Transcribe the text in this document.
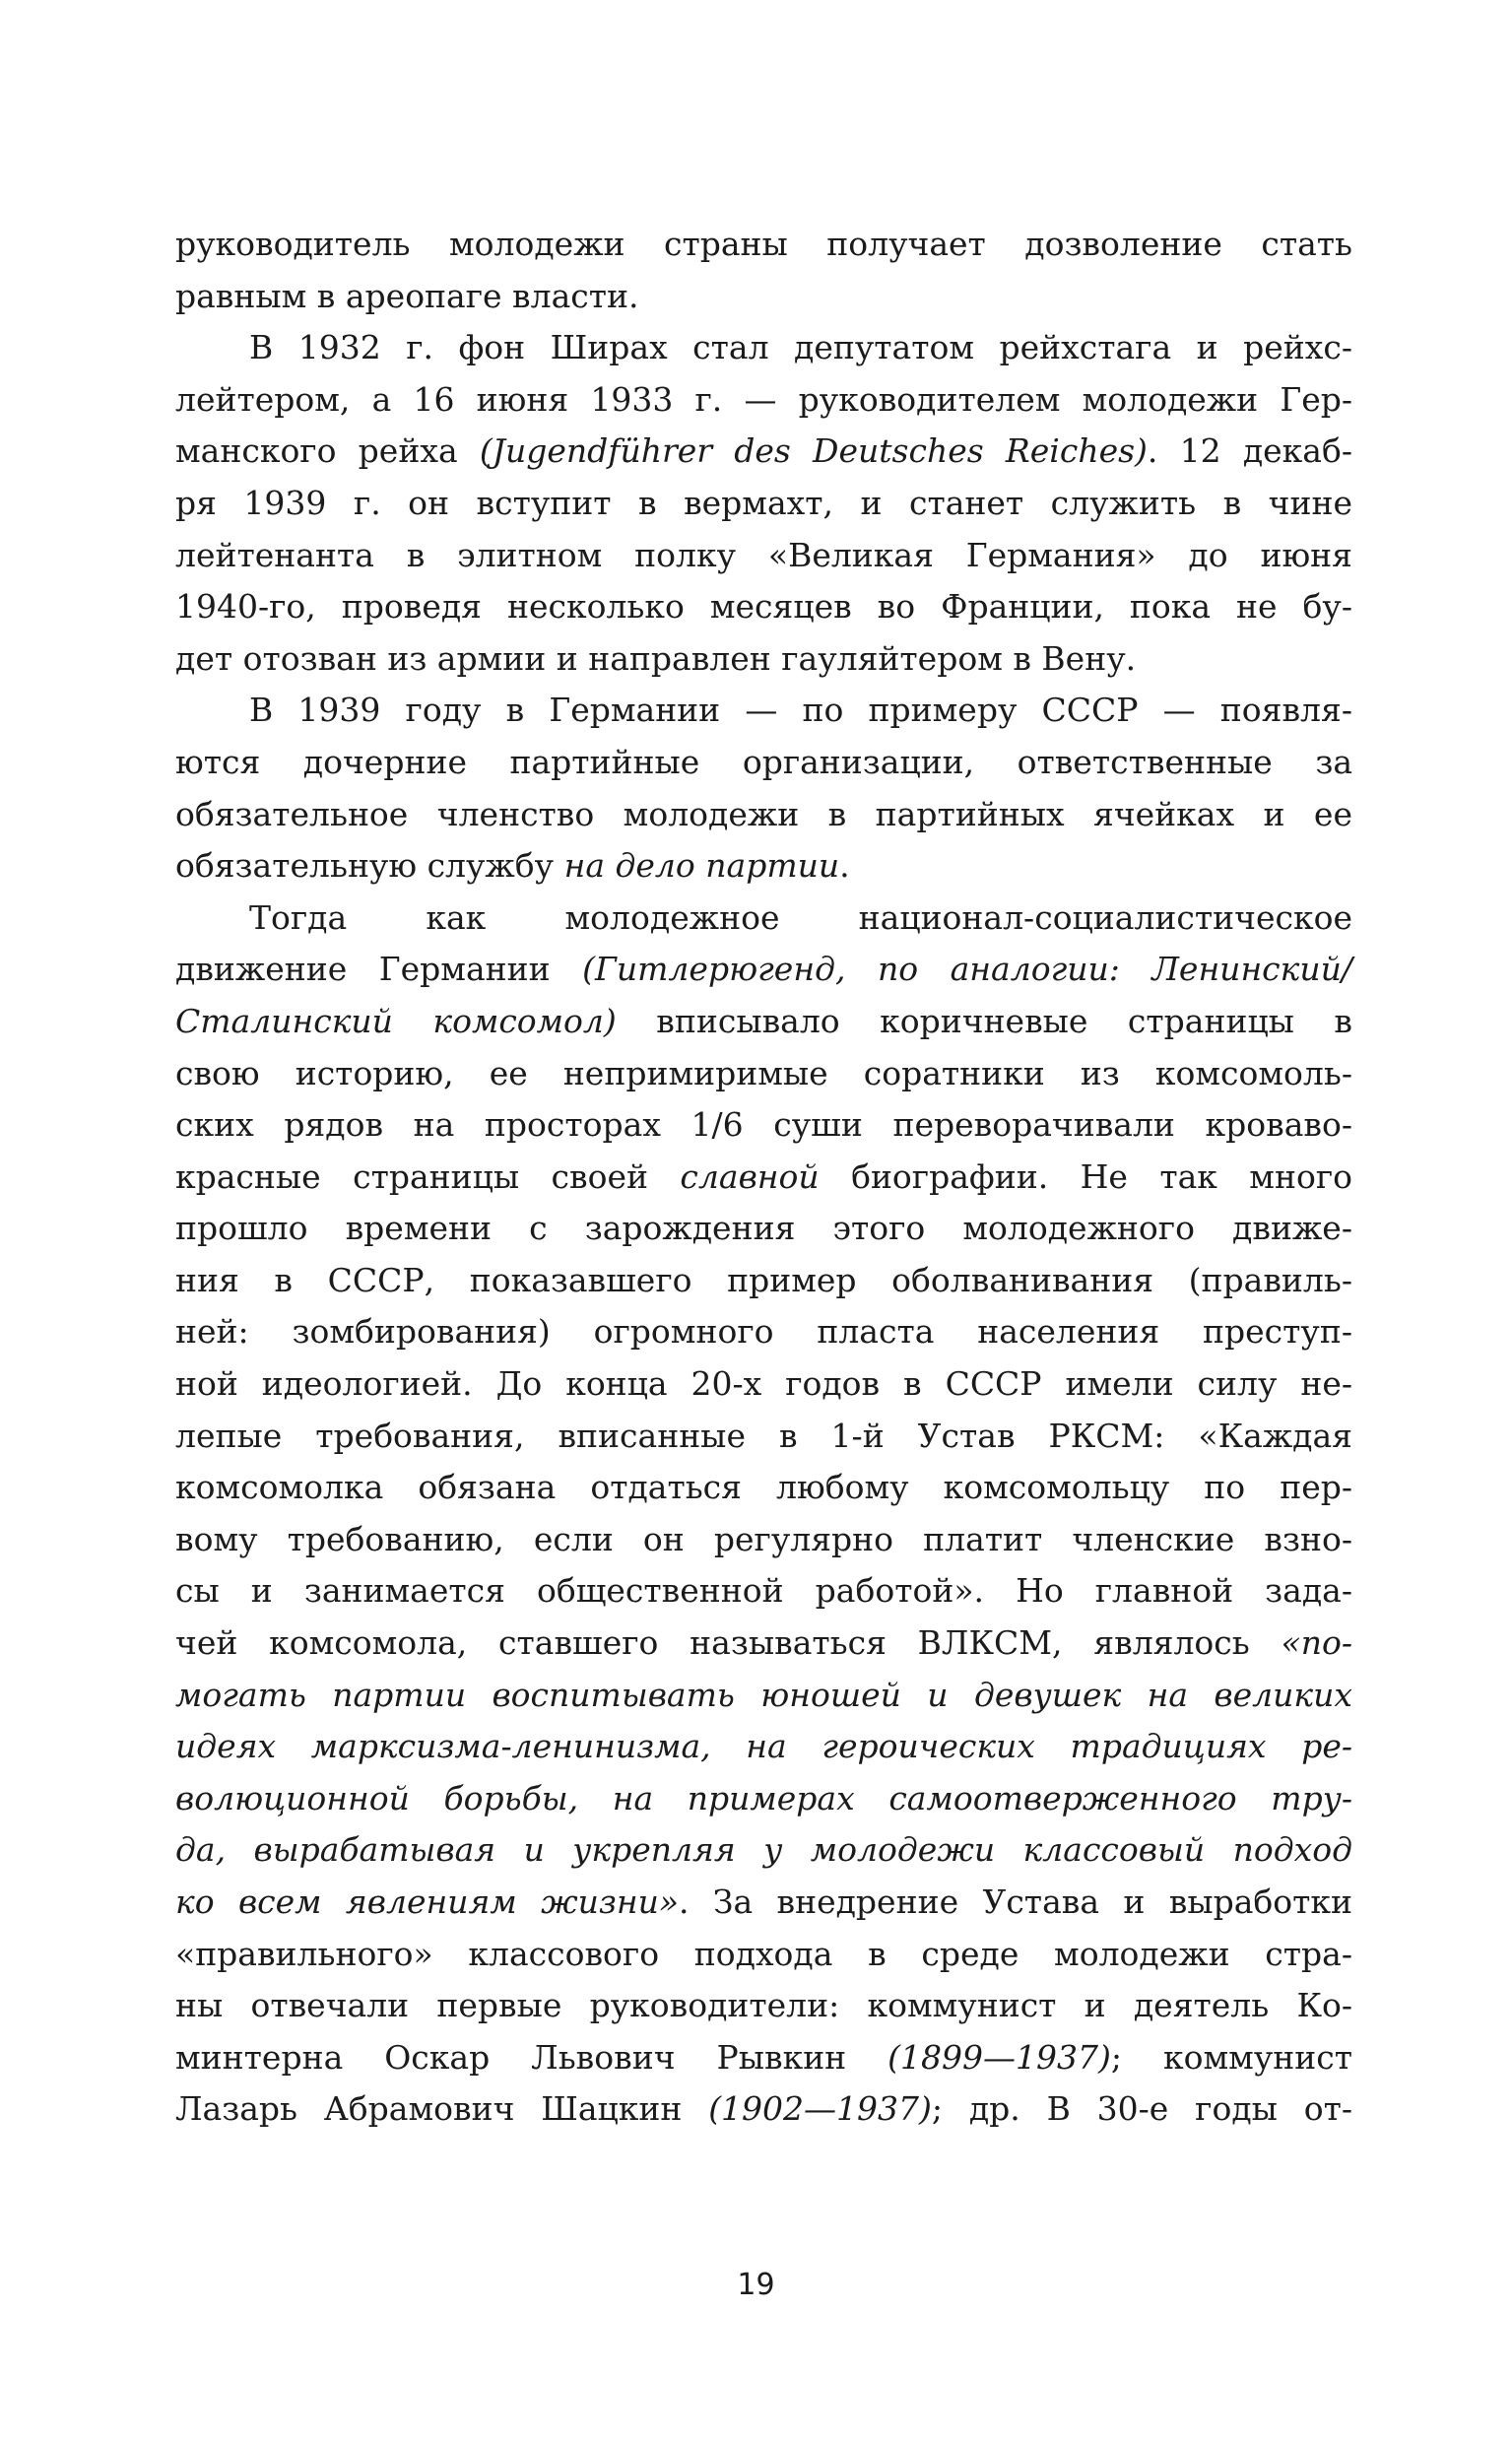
руководитель молодежи страны получает дозволение стать
равным в ареопаге власти.
В 1932 г. фон Ширах стал депутатом рейхстага и рейхс-
лейтером, а 16 июня 1933 г. — руководителем молодежи Гер-
манского рейха (Jugendführer des Deutsches Reiches). 12 декаб-
ря 1939 г. он вступит в вермахт, и станет служить в чине
лейтенанта в элитном полку «Великая Германия» до июня
1940-го, проведя несколько месяцев во Франции, пока не бу-
дет отозван из армии и направлен гауляйтером в Вену.
В 1939 году в Германии — по примеру СССР — появля-
ются дочерние партийные организации, ответственные за
обязательное членство молодежи в партийных ячейках и ее
обязательную службу на дело партии.
Тогда как молодежное национал-социалистическое
движение Германии (Гитлерюгенд, по аналогии: Ленинский/
Сталинский комсомол) вписывало коричневые страницы в
свою историю, ее непримиримые соратники из комсомоль-
ских рядов на просторах 1/6 суши переворачивали кроваво-
красные страницы своей славной биографии. Не так много
прошло времени с зарождения этого молодежного движе-
ния в СССР, показавшего пример оболванивания (правиль-
ней: зомбирования) огромного пласта населения преступ-
ной идеологией. До конца 20-х годов в СССР имели силу не-
лепые требования, вписанные в 1-й Устав РКСМ: «Каждая
комсомолка обязана отдаться любому комсомольцу по пер-
вому требованию, если он регулярно платит членские взно-
сы и занимается общественной работой». Но главной зада-
чей комсомола, ставшего называться ВЛКСМ, являлось «по-
могать партии воспитывать юношей и девушек на великих
идеях марксизма-ленинизма, на героических традициях ре-
волюционной борьбы, на примерах самоотверженного тру-
да, вырабатывая и укрепляя у молодежи классовый подход
ко всем явлениям жизни». За внедрение Устава и выработки
«правильного» классового подхода в среде молодежи стра-
ны отвечали первые руководители: коммунист и деятель Ко-
минтерна Оскар Львович Рывкин (1899—1937); коммунист
Лазарь Абрамович Шацкин (1902—1937); др. В 30-е годы от-
19
